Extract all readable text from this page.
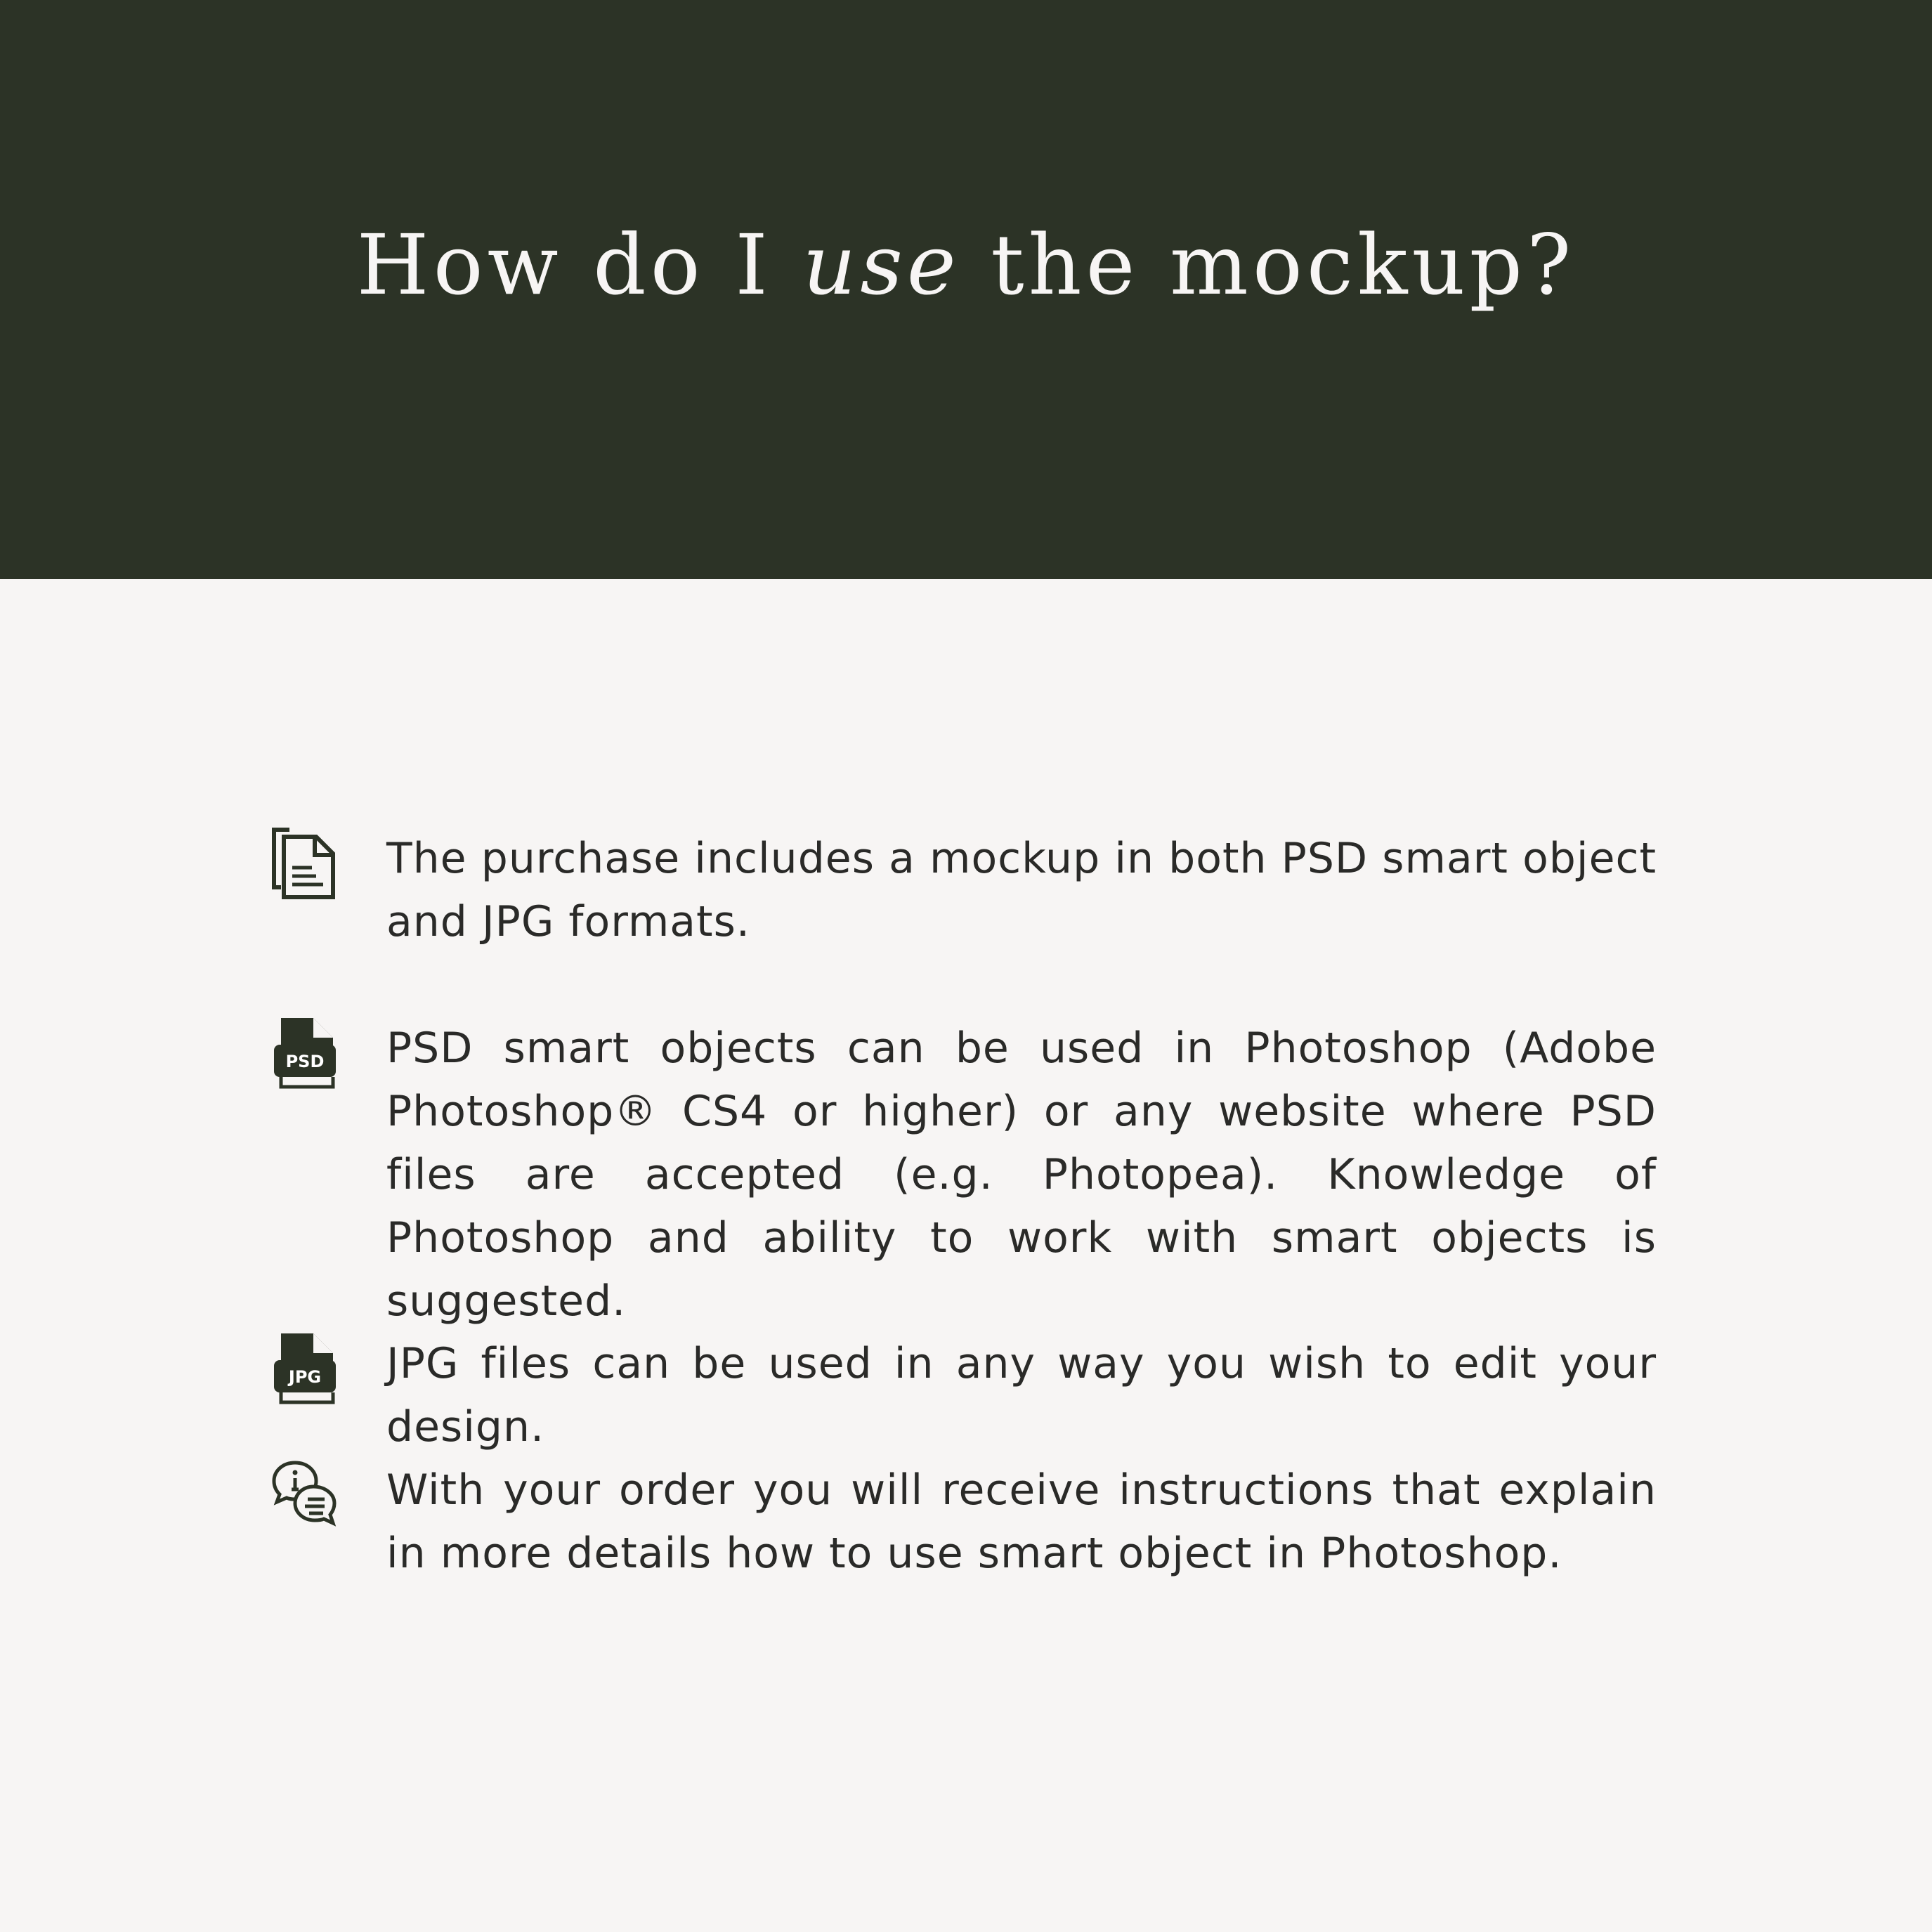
How do I use the mockup?

The purchase includes a mockup in both PSD smart object and JPG formats.

PSD PSD smart objects can be used in Photoshop (Adobe Photoshop® CS4 or higher) or any website where PSD files are accepted (e.g. Photopea). Knowledge of Photoshop and ability to work with smart objects is suggested.

JPG JPG files can be used in any way you wish to edit your design.

With your order you will receive instructions that explain in more details how to use smart object in Photoshop.
